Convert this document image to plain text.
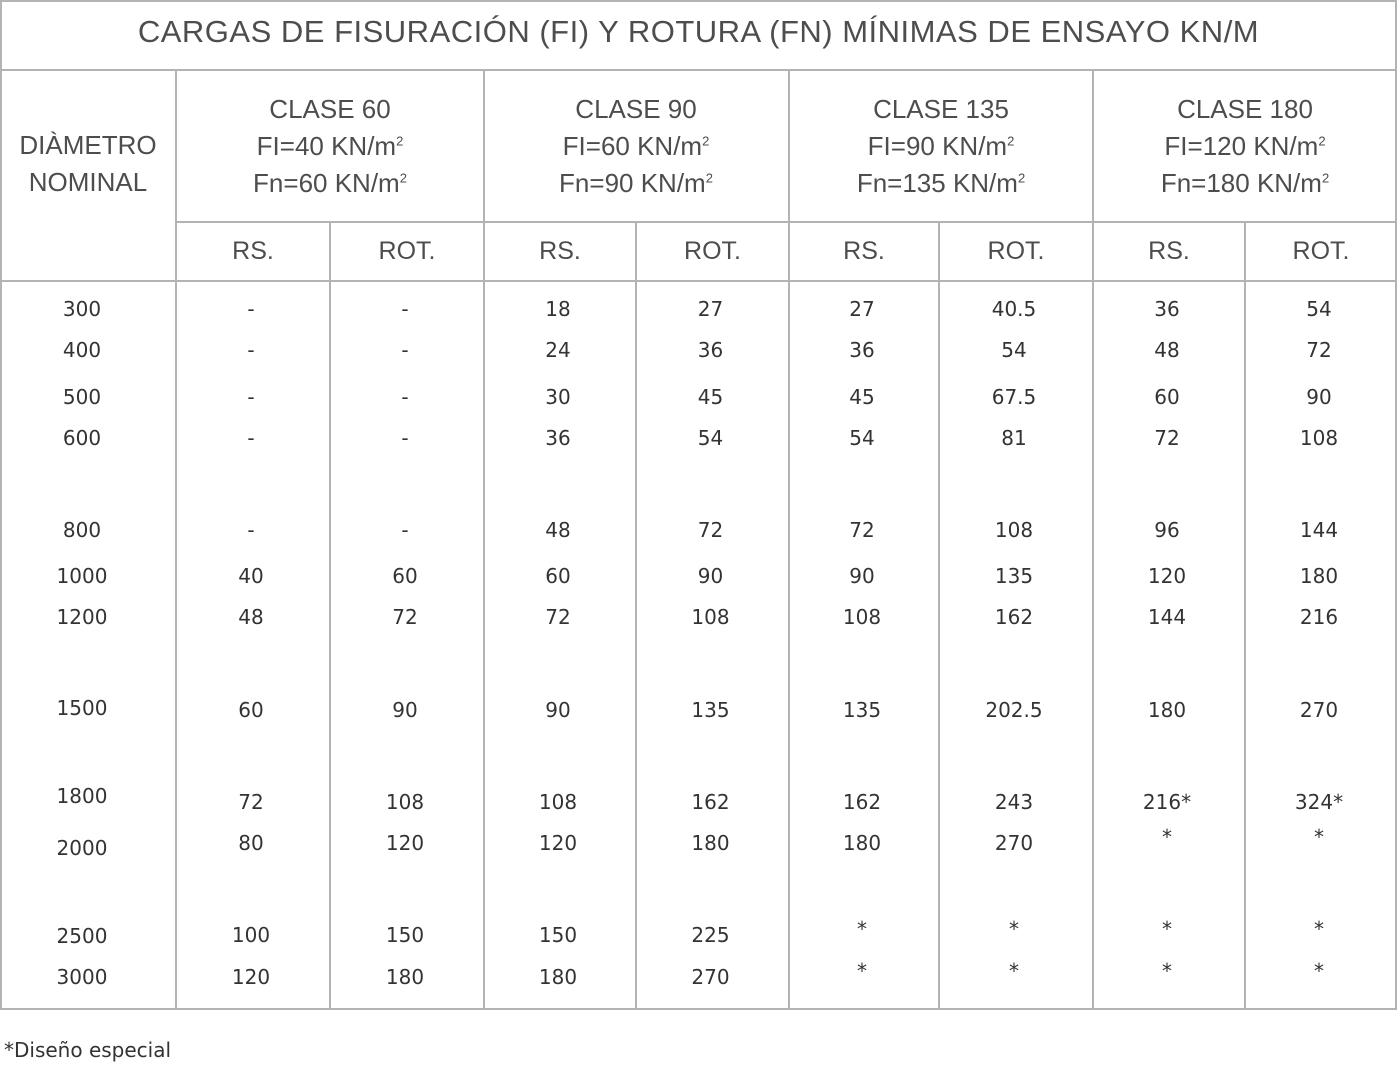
CARGAS DE FISURACIÓN (FI) Y ROTURA (FN) MÍNIMAS DE ENSAYO KN/M
DIÀMETRO
NOMINAL
CLASE 60
FI=40 $KN/m^2$
Fn=60 $KN/m^2$
CLASE 90
FI=60 $KN/m^2$
Fn=90 $KN/m^2$
CLASE 135
FI=90 $KN/m^2$
Fn=135 $KN/m^2$
CLASE 180
FI=120 $KN/m^2$
Fn=180 $KN/m^2$
RS.	ROT.	RS.	ROT.	RS.	ROT.	RS.	ROT.
300	-	-	18	27	27	40.5	36	54
400	-	-	24	36	36	54	48	72
500	-	-	30	45	45	67.5	60	90
600	-	-	36	54	54	81	72	108
800	-	-	48	72	72	108	96	144
1000	40	60	60	90	90	135	120	180
1200	48	72	72	108	108	162	144	216
1500	60	90	90	135	135	202.5	180	270
1800	72	108	108	162	162	243	216*	324*
2000	80	120	120	180	180	270	*	*
2500	100	150	150	225	*	*	*	*
3000	120	180	180	270	*	*	*	*
*Diseño especial
